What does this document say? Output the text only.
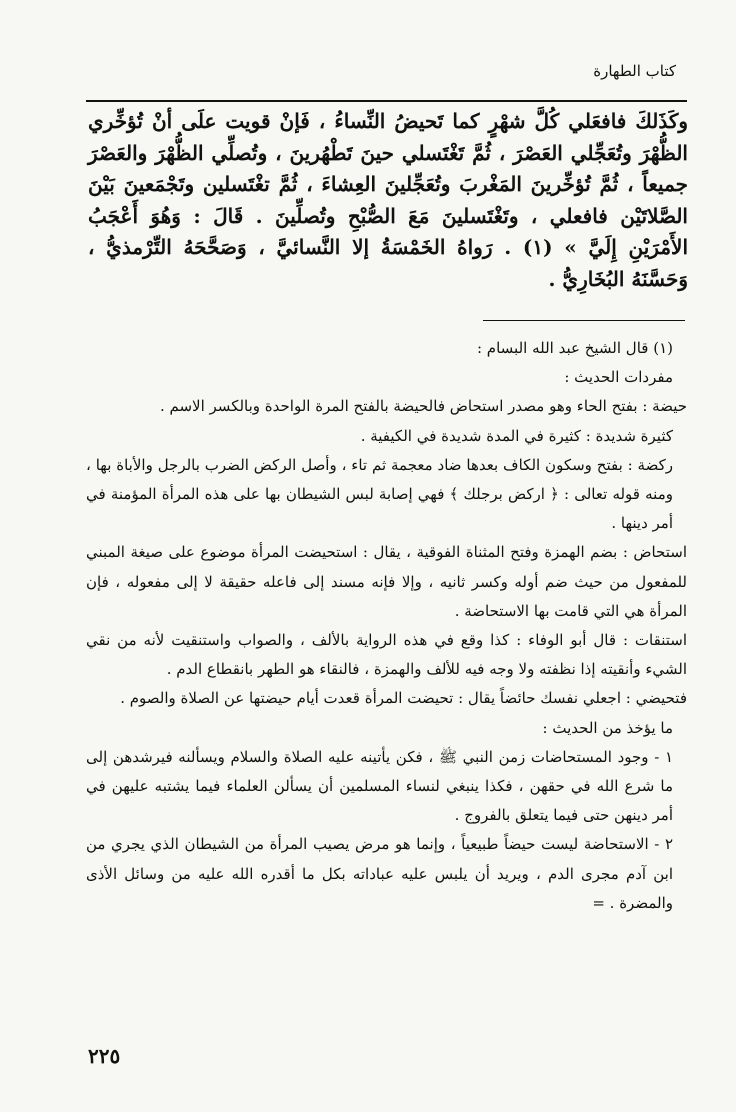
كتاب الطهارة
وكَذَلكَ فافعَلي كُلَّ شهْرٍ كما تَحيضُ النِّساءُ ، فَإنْ قويت علَى أنْ تُؤخِّري الظُّهْرَ وتُعَجِّلي العَصْرَ ، ثُمَّ تَغْتَسلي حينَ تَطْهُرينَ ، وتُصلِّي الظُّهْرَ والعَصْرَ جميعاً ، ثُمَّ تُؤخِّرينَ المَغْربَ وتُعَجِّلينَ العِشاءَ ، ثُمَّ تغْتَسلين وتَجْمَعينَ بَيْنَ الصَّلاتَيْن فافعلي ، وتَغْتَسلينَ مَعَ الصُّبْحِ وتُصلِّينَ . قَالَ : وَهُوَ أَعْجَبُ الأَمْرَيْنِ إِلَيَّ » (١) . رَواهُ الخَمْسَةُ إلا النَّسائيَّ ، وَصَحَّحَهُ التِّرْمذيُّ ، وَحَسَّنَهُ البُخَارِيُّ .

(١) قال الشيخ عبد الله البسام :

مفردات الحديث :

حيضة : بفتح الحاء وهو مصدر استحاض فالحيضة بالفتح المرة الواحدة وبالكسر الاسم .

كثيرة شديدة : كثيرة في المدة شديدة في الكيفية .

ركضة : بفتح وسكون الكاف بعدها ضاد معجمة ثم تاء ، وأصل الركض الضرب بالرجل والأباة بها ، ومنه قوله تعالى : ﴿ اركض برجلك ﴾ فهي إصابة لبس الشيطان بها على هذه المرأة المؤمنة في أمر دينها .

استحاض : بضم الهمزة وفتح المثناة الفوقية ، يقال : استحيضت المرأة موضوع على صيغة المبني للمفعول من حيث ضم أوله وكسر ثانيه ، وإلا فإنه مسند إلى فاعله حقيقة لا إلى مفعوله ، فإن المرأة هي التي قامت بها الاستحاضة .

استنقات : قال أبو الوفاء : كذا وقع في هذه الرواية بالألف ، والصواب واستنقيت لأنه من نقي الشيء وأنقيته إذا نظفته ولا وجه فيه للألف والهمزة ، فالنقاء هو الطهر بانقطاع الدم .

فتحيضي : اجعلي نفسك حائضاً يقال : تحيضت المرأة قعدت أيام حيضتها عن الصلاة والصوم .

ما يؤخذ من الحديث :

١ - وجود المستحاضات زمن النبي ﷺ ، فكن يأتينه عليه الصلاة والسلام ويسألنه فيرشدهن إلى ما شرع الله في حقهن ، فكذا ينبغي لنساء المسلمين أن يسألن العلماء فيما يشتبه عليهن في أمر دينهن حتى فيما يتعلق بالفروج .

٢ - الاستحاضة ليست حيضاً طبيعياً ، وإنما هو مرض يصيب المرأة من الشيطان الذي يجري من ابن آدم مجرى الدم ، ويريد أن يلبس عليه عباداته بكل ما أقدره الله عليه من وسائل الأذى والمضرة . =

٢٢٥
